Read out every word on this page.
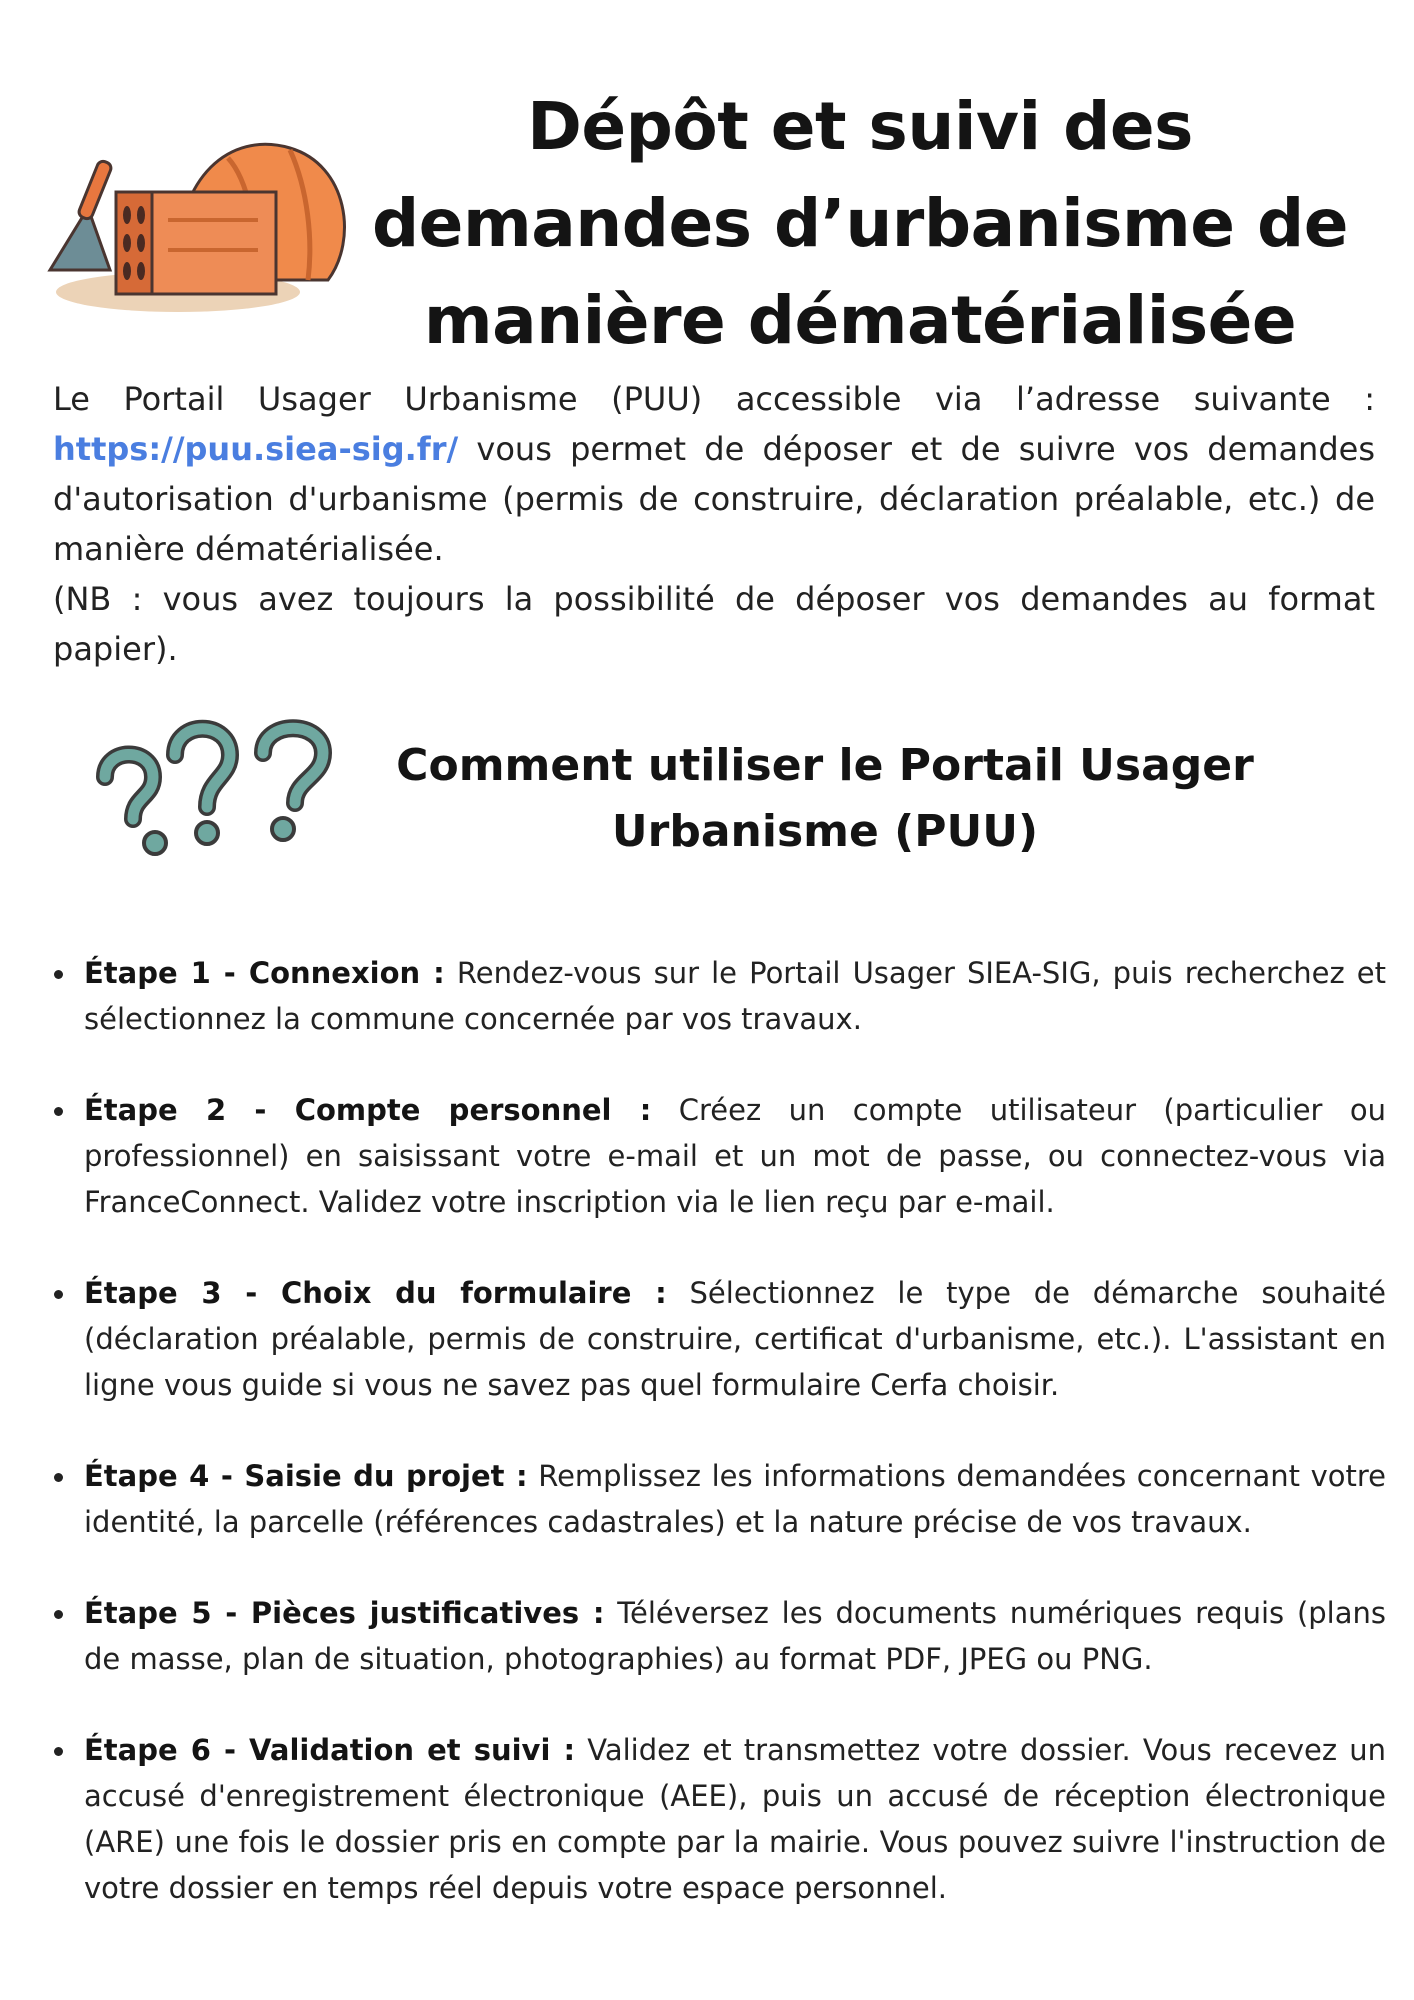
Dépôt et suivi des demandes d’urbanisme de manière dématérialisée

Le Portail Usager Urbanisme (PUU) accessible via l’adresse suivante : https://puu.siea-sig.fr/ vous permet de déposer et de suivre vos demandes d'autorisation d'urbanisme (permis de construire, déclaration préalable, etc.) de manière dématérialisée.
(NB : vous avez toujours la possibilité de déposer vos demandes au format papier).

Comment utiliser le Portail Usager Urbanisme (PUU)
Étape 1 - Connexion : Rendez-vous sur le Portail Usager SIEA-SIG, puis recherchez et sélectionnez la commune concernée par vos travaux.
Étape 2 - Compte personnel : Créez un compte utilisateur (particulier ou professionnel) en saisissant votre e-mail et un mot de passe, ou connectez-vous via FranceConnect. Validez votre inscription via le lien reçu par e-mail.
Étape 3 - Choix du formulaire : Sélectionnez le type de démarche souhaité (déclaration préalable, permis de construire, certificat d'urbanisme, etc.). L'assistant en ligne vous guide si vous ne savez pas quel formulaire Cerfa choisir.
Étape 4 - Saisie du projet : Remplissez les informations demandées concernant votre identité, la parcelle (références cadastrales) et la nature précise de vos travaux.
Étape 5 - Pièces justificatives : Téléversez les documents numériques requis (plans de masse, plan de situation, photographies) au format PDF, JPEG ou PNG.
Étape 6 - Validation et suivi : Validez et transmettez votre dossier. Vous recevez un accusé d'enregistrement électronique (AEE), puis un accusé de réception électronique (ARE) une fois le dossier pris en compte par la mairie. Vous pouvez suivre l'instruction de votre dossier en temps réel depuis votre espace personnel.
